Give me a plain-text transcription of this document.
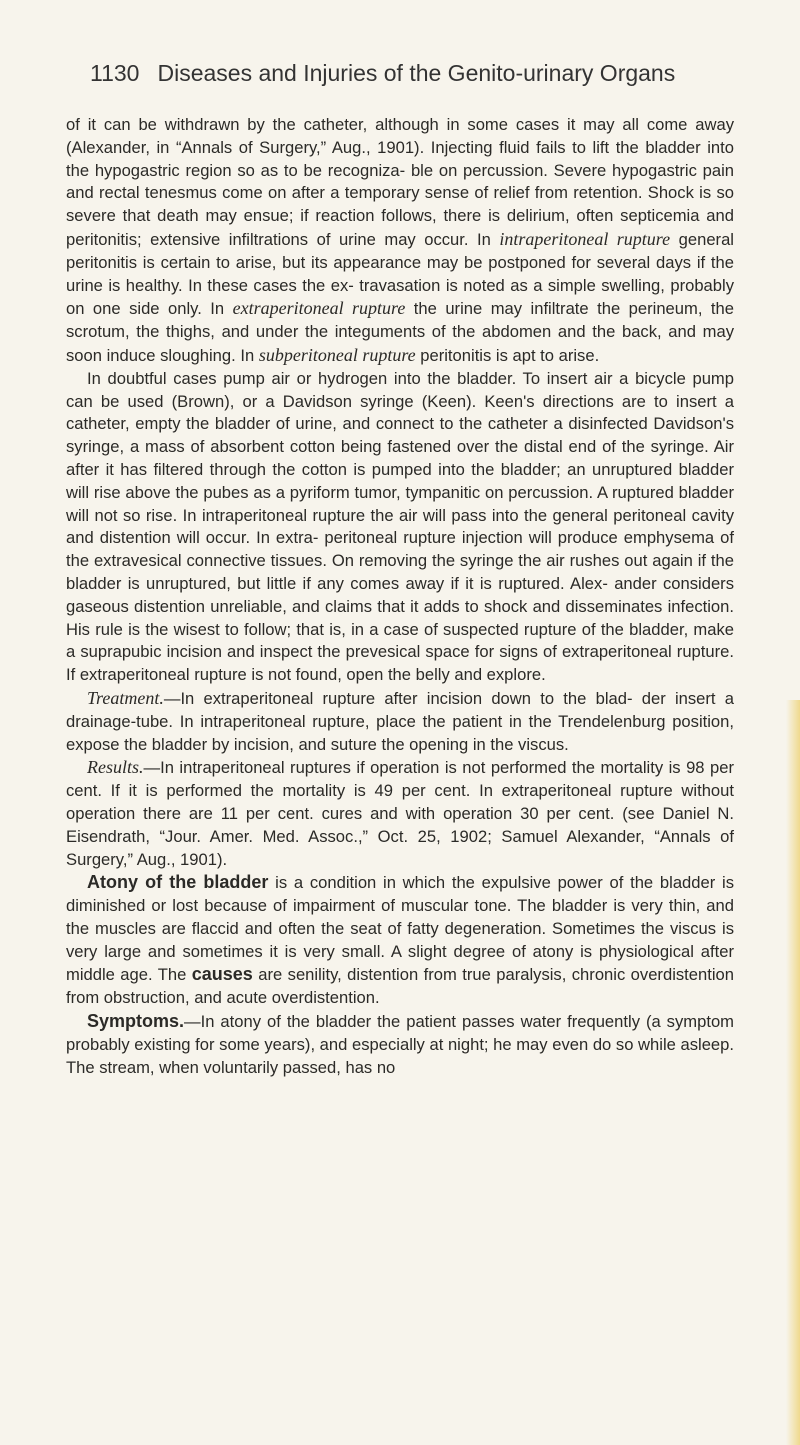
1130 Diseases and Injuries of the Genito-urinary Organs

of it can be withdrawn by the catheter, although in some cases it may all come away (Alexander, in “Annals of Surgery,” Aug., 1901). Injecting fluid fails to lift the bladder into the hypogastric region so as to be recogniza- ble on percussion. Severe hypogastric pain and rectal tenesmus come on after a temporary sense of relief from retention. Shock is so severe that death may ensue; if reaction follows, there is delirium, often septicemia and peritonitis; extensive infiltrations of urine may occur. In intraperitoneal rupture general peritonitis is certain to arise, but its appearance may be postponed for several days if the urine is healthy. In these cases the ex- travasation is noted as a simple swelling, probably on one side only. In extraperitoneal rupture the urine may infiltrate the perineum, the scrotum, the thighs, and under the integuments of the abdomen and the back, and may soon induce sloughing. In subperitoneal rupture peritonitis is apt to arise.

In doubtful cases pump air or hydrogen into the bladder. To insert air a bicycle pump can be used (Brown), or a Davidson syringe (Keen). Keen's directions are to insert a catheter, empty the bladder of urine, and connect to the catheter a disinfected Davidson's syringe, a mass of absorbent cotton being fastened over the distal end of the syringe. Air after it has filtered through the cotton is pumped into the bladder; an unruptured bladder will rise above the pubes as a pyriform tumor, tympanitic on percussion. A ruptured bladder will not so rise. In intraperitoneal rupture the air will pass into the general peritoneal cavity and distention will occur. In extra- peritoneal rupture injection will produce emphysema of the extravesical connective tissues. On removing the syringe the air rushes out again if the bladder is unruptured, but little if any comes away if it is ruptured. Alex- ander considers gaseous distention unreliable, and claims that it adds to shock and disseminates infection. His rule is the wisest to follow; that is, in a case of suspected rupture of the bladder, make a suprapubic incision and inspect the prevesical space for signs of extraperitoneal rupture. If extraperitoneal rupture is not found, open the belly and explore.

Treatment.—In extraperitoneal rupture after incision down to the blad- der insert a drainage-tube. In intraperitoneal rupture, place the patient in the Trendelenburg position, expose the bladder by incision, and suture the opening in the viscus.

Results.—In intraperitoneal ruptures if operation is not performed the mortality is 98 per cent. If it is performed the mortality is 49 per cent. In extraperitoneal rupture without operation there are 11 per cent. cures and with operation 30 per cent. (see Daniel N. Eisendrath, “Jour. Amer. Med. Assoc.,” Oct. 25, 1902; Samuel Alexander, “Annals of Surgery,” Aug., 1901).

Atony of the bladder is a condition in which the expulsive power of the bladder is diminished or lost because of impairment of muscular tone. The bladder is very thin, and the muscles are flaccid and often the seat of fatty degeneration. Sometimes the viscus is very large and sometimes it is very small. A slight degree of atony is physiological after middle age. The causes are senility, distention from true paralysis, chronic overdistention from obstruction, and acute overdistention.

Symptoms.—In atony of the bladder the patient passes water frequently (a symptom probably existing for some years), and especially at night; he may even do so while asleep. The stream, when voluntarily passed, has no
